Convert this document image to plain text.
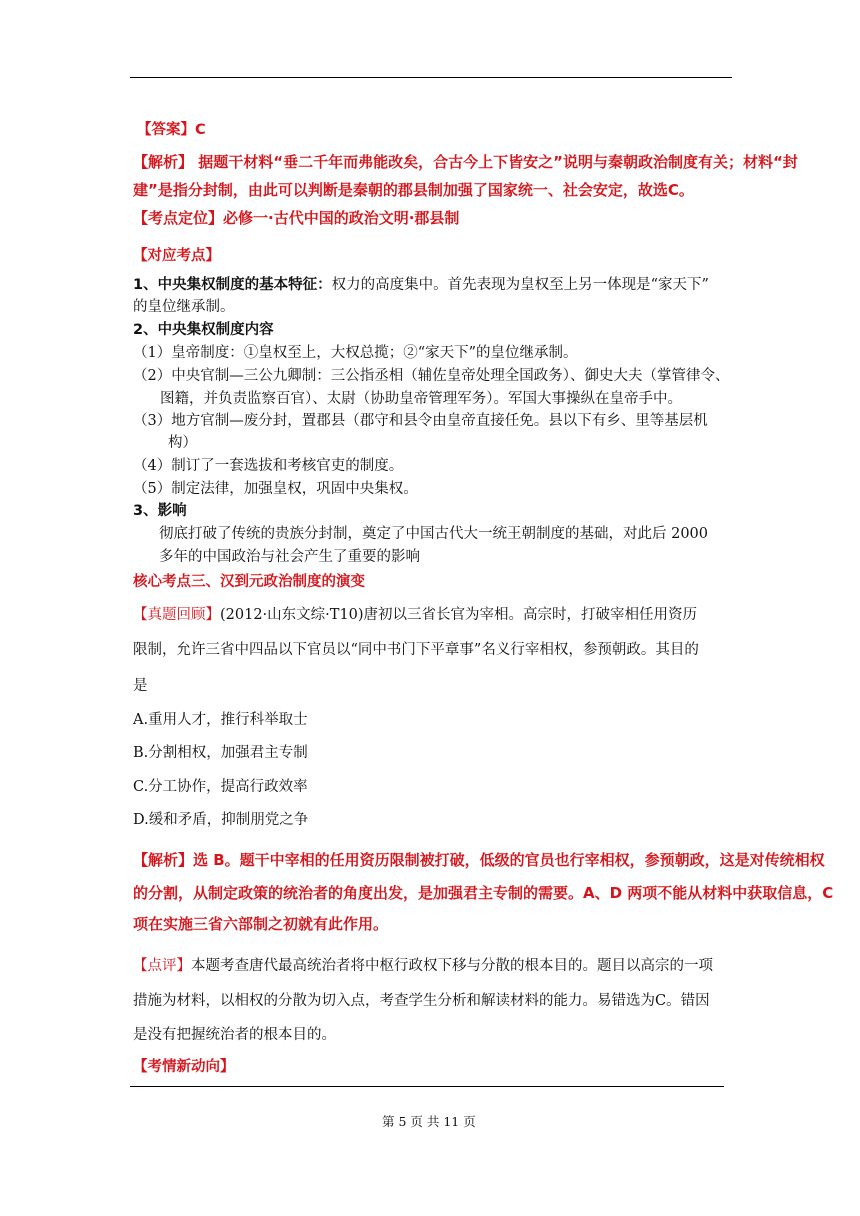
【答案】C
【解析】 据题干材料“垂二千年而弗能改矣，合古今上下皆安之”说明与秦朝政治制度有关；材料“封
建”是指分封制，由此可以判断是秦朝的郡县制加强了国家统一、社会安定，故选C。
【考点定位】必修一·古代中国的政治文明·郡县制
【对应考点】
1、中央集权制度的基本特征：权力的高度集中。首先表现为皇权至上另一体现是“家天下”
的皇位继承制。
2、中央集权制度内容
（1）皇帝制度：①皇权至上，大权总揽；②“家天下”的皇位继承制。
（2）中央官制—三公九卿制：三公指丞相（辅佐皇帝处理全国政务）、御史大夫（掌管律令、
图籍，并负责监察百官）、太尉（协助皇帝管理军务）。军国大事操纵在皇帝手中。
（3）地方官制—废分封，置郡县（郡守和县令由皇帝直接任免。县以下有乡、里等基层机
构）
（4）制订了一套选拔和考核官吏的制度。
（5）制定法律，加强皇权，巩固中央集权。
3、影响
彻底打破了传统的贵族分封制，奠定了中国古代大一统王朝制度的基础，对此后 2000
多年的中国政治与社会产生了重要的影响
核心考点三、汉到元政治制度的演变
【真题回顾】(2012·山东文综·T10)唐初以三省长官为宰相。高宗时，打破宰相任用资历
限制，允许三省中四品以下官员以“同中书门下平章事”名义行宰相权，参预朝政。其目的
是
A.重用人才，推行科举取士
B.分割相权，加强君主专制
C.分工协作，提高行政效率
D.缓和矛盾，抑制朋党之争
【解析】选 B。题干中宰相的任用资历限制被打破，低级的官员也行宰相权，参预朝政，这是对传统相权
的分割，从制定政策的统治者的角度出发，是加强君主专制的需要。A、D 两项不能从材料中获取信息，C
项在实施三省六部制之初就有此作用。
【点评】本题考查唐代最高统治者将中枢行政权下移与分散的根本目的。题目以高宗的一项
措施为材料，以相权的分散为切入点，考查学生分析和解读材料的能力。易错选为C。错因
是没有把握统治者的根本目的。
【考情新动向】
第 5 页 共 11 页
